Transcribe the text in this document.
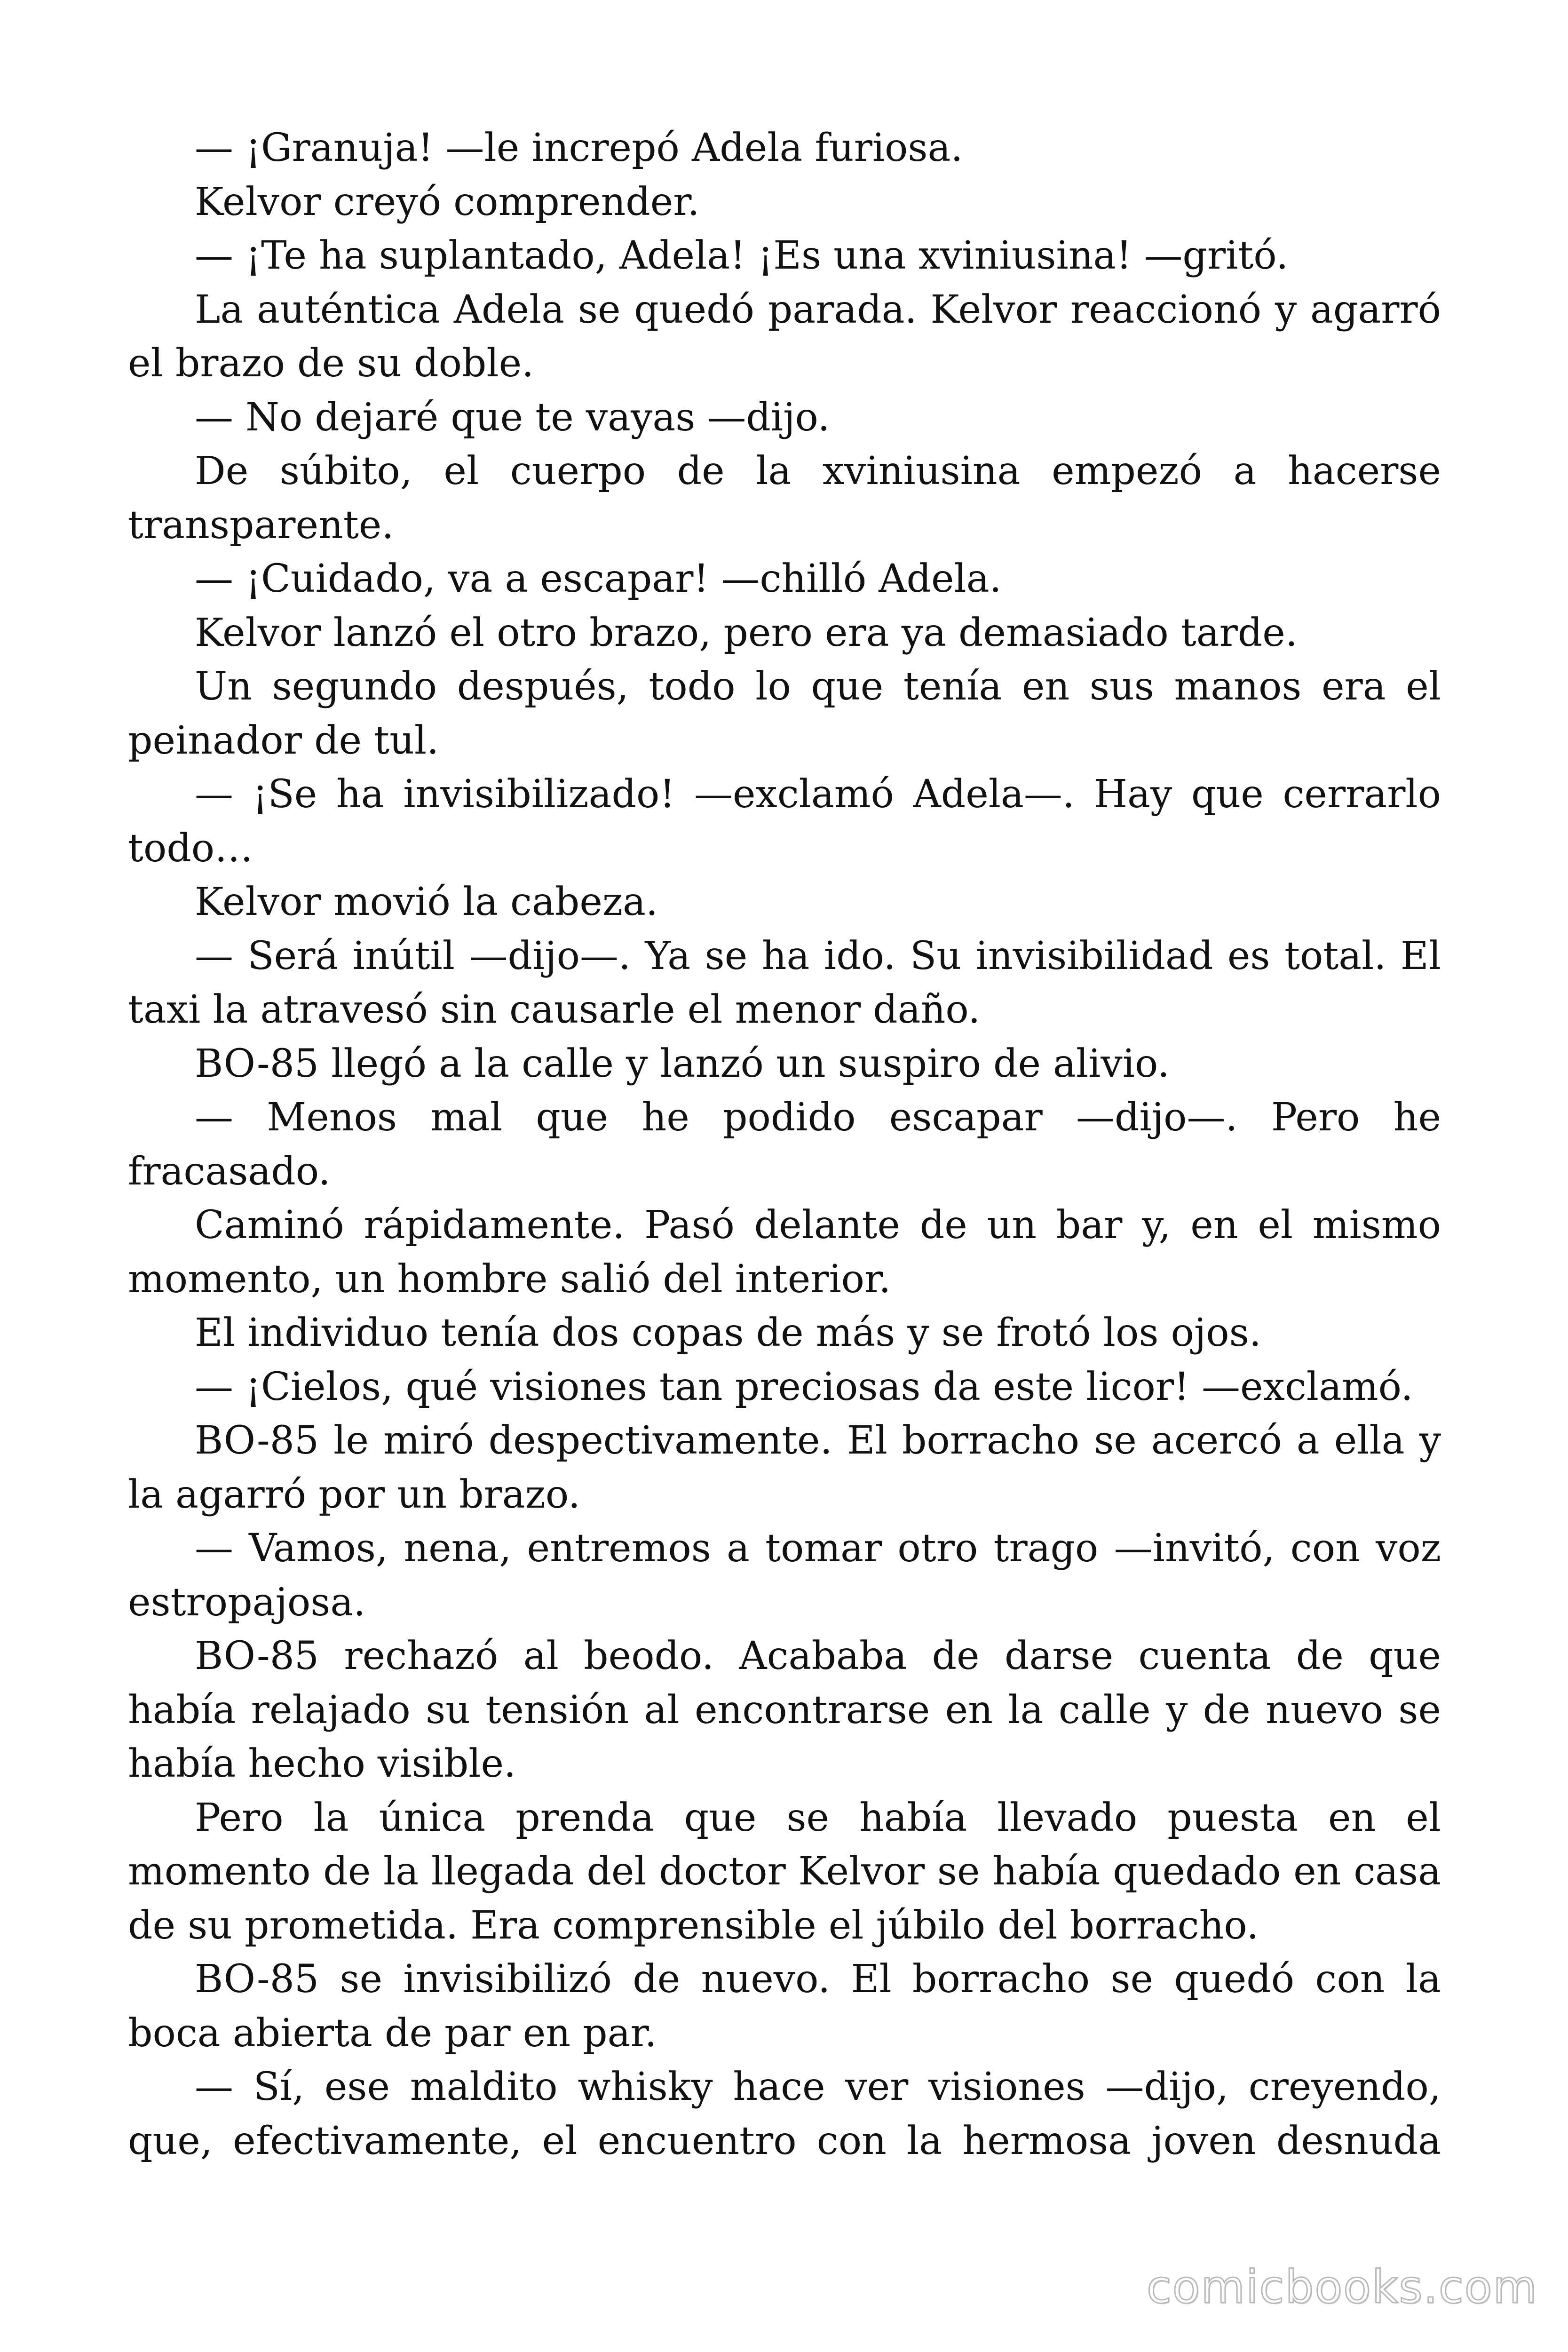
— ¡Granuja! —le increpó Adela furiosa.

Kelvor creyó comprender.

— ¡Te ha suplantado, Adela! ¡Es una xviniusina! —gritó.

La auténtica Adela se quedó parada. Kelvor reaccionó y agarró el brazo de su doble.

— No dejaré que te vayas —dijo.

De súbito, el cuerpo de la xviniusina empezó a hacerse transparente.

— ¡Cuidado, va a escapar! —chilló Adela.

Kelvor lanzó el otro brazo, pero era ya demasiado tarde.

Un segundo después, todo lo que tenía en sus manos era el peinador de tul.

— ¡Se ha invisibilizado! —exclamó Adela—. Hay que cerrarlo todo…

Kelvor movió la cabeza.

— Será inútil —dijo—. Ya se ha ido. Su invisibilidad es total. El taxi la atravesó sin causarle el menor daño.

BO-85 llegó a la calle y lanzó un suspiro de alivio.

— Menos mal que he podido escapar —dijo—. Pero he fracasado.

Caminó rápidamente. Pasó delante de un bar y, en el mismo momento, un hombre salió del interior.

El individuo tenía dos copas de más y se frotó los ojos.

— ¡Cielos, qué visiones tan preciosas da este licor! —exclamó.

BO-85 le miró despectivamente. El borracho se acercó a ella y la agarró por un brazo.

— Vamos, nena, entremos a tomar otro trago —invitó, con voz estropajosa.

BO-85 rechazó al beodo. Acababa de darse cuenta de que había relajado su tensión al encontrarse en la calle y de nuevo se había hecho visible.

Pero la única prenda que se había llevado puesta en el momento de la llegada del doctor Kelvor se había quedado en casa de su prometida. Era comprensible el júbilo del borracho.

BO-85 se invisibilizó de nuevo. El borracho se quedó con la boca abierta de par en par.

— Sí, ese maldito whisky hace ver visiones —dijo, creyendo, que, efectivamente, el encuentro con la hermosa joven desnuda

comicbooks.com
